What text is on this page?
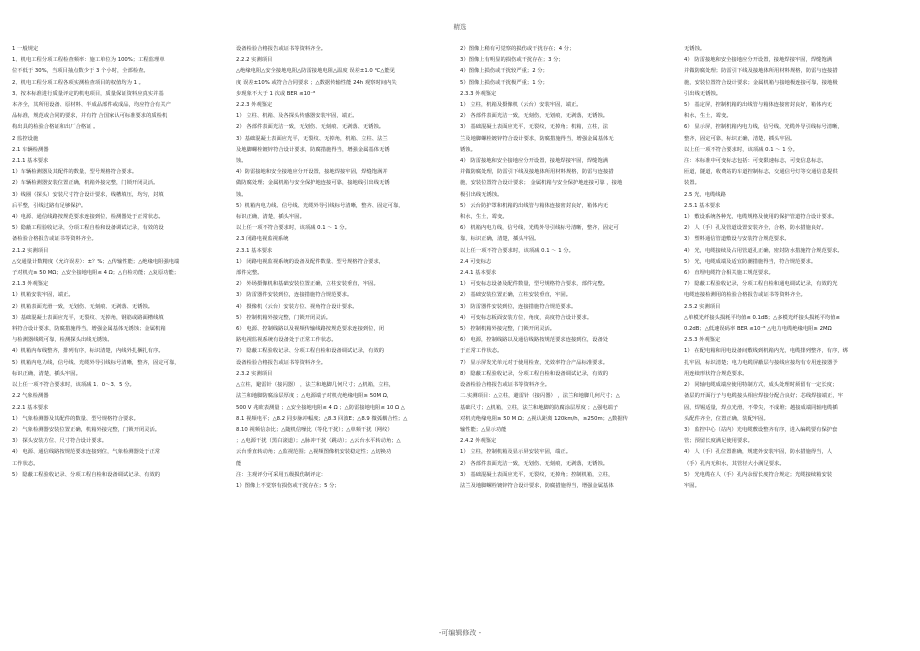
精选

1 一般规定

1、机电工程分项工程检查频率：施工单位为 100%；工程监理单

位不低于 30%，当项目抽点数少于 3 个小时，全部检查。

2、机电工程分项工程各项实测检查项目的权值均为 1 。

3、按本标准进行质量评定的机电项目，质量保证资料应真实并基

本齐全，其所用设备、原材料、半成品部件或成品，均应符合有关产

品标准，规范或合同的要求，并有符 合国家认可标准要求的质检机

构出具的检验合格证和出厂合格证 。

2 监控设施

2.1 车辆检测器

2.1.1 基本要求

1）车辆检测器及其配件的数量，型号规格符合要求。

2）车辆检测器安装位置正确，机箱外接完整，门锁开闭灵活。

3）线圈（探头）安装尺寸符合设计要求，线槽填压，均匀，封填

后平整，引线过路有足够保护。

4）电源、通信线路按规范要求连接到位，检测器处于正常状态。

5）隐蔽工程验收记录，分项工程自检和设备调试记录，有效的设

备检验合格报告或证书等资料齐全。

2.1.2 实测项目

△交通量计数精度（允许误差）：±？%；△传输性能；△绝缘电阻强电端

子对机壳≥ 50 MΩ；△安全接地电阻≤ 4 Ω；△自检功能；△复原功能；

2.1.3 外观鉴定

1）机箱安装牢固，端正。

2）机箱表面光滑一致，无划伤、无刻痕、无剥落、无锈蚀。

3）基础混凝土表面应光平，无裂纹、无掉角，钢筋或路面槽线填

料符合设计要求，防腐措施得当，增强金属基体无锈蚀；金属机箱

与检测器线缆可靠，检测探头出线无锈蚀。

4）机箱内布线整齐，排列有序，标识清楚，内线外扎捆扎有序。

5）机箱内电力线，信号线、光缆外导引线标号清晰，整齐，固定可靠，

标识正确，清楚，插头牢固。

以上任一项不符合要求时，该项减 1．0～3．5 分。

2.2 气象检测器

2.2.1 基本要求

1） 气象检测器及其配件的数量、型号规格符合要求。

2） 气象检测器安装位置正确，机箱外接完整，门锁开闭灵活。

3） 探头安装方位、尺寸符合设计要求。

4） 电源、通信线路按规范要求连接到位，气象检测器处于正常

工作状态。

5） 隐蔽工程验收记录、分项工程自检和设备调试记录、有效的

设备检验合格报告或证书等资料齐全。

2.2.2 实测项目

△绝缘电阻△安全接地电阻△防雷接地电阻△温度 误差±1.0 ℃△能见

度 误差±10% 或符合合同要求 ；△数据传输性能 24h 观察时间内失

步现象不大于 1 次或 BER ≤10⁻⁸

2.2.3 外观鉴定

1） 立柱、机箱、及各探头传感器安装牢固，端正。

2） 各部件表面光洁一致，无划伤、无刻痕、无剥落、无锈蚀。

3）基础混凝土表面应光平，无裂纹、无掉角，机箱、立柱、法兰

及地脚螺栓镀锌符合设计要求，防腐措施得当，增强金属基体无锈

蚀。

4）防雷接地和安全接地应分开设置，接地焊接牢固，焊缝饱满并

做防腐处理；金属机箱与安全保护地连接可靠，接地线引出线无锈

蚀。

5）机箱内电力线、信号线、光缆外导引线标号清晰，整齐、固定可靠，

标识正确，清楚，插头牢固。

以上任一项不符合要求时，该项减 0.1 ～ 1 分。

2.3 闭路电视监视系统

2.3.1 基本要求

1） 闭路电视监视系统的设备及配件数量、型号规格符合要求，

部件完整。

2） 外场摄像机和基础安装位置正确，立柱安装垂直，牢固。

3） 防雷器件安装到位，连接措施符合规范要求。

4） 摄像机（云台）安装方位、视角符合设计要求。

5） 控制机箱外接完整，门锁开闭灵活。

6） 电源、控制线路以及视频传输线路按规范要求连接到位，闭

路电视监视系统有设备处于正常工作状态。

7） 隐蔽工程验收记录、分项工程自检和设备调试记录，有效的

设备检验合格报告或证书等资料齐全。

2.3.2 实测项目

△立柱，避雷针（接闪器） ，法兰和地脚几何尺寸；△机箱，立柱，

法兰和地脚防腐涂层厚度 ；△电源端子对机壳绝缘电阻≥ 50M Ω，

500 V 兆欧表测量 ；△安全接地电阻≤ 4 Ω ；△防雷接地电阻≤ 10 Ω △

8.1 视频电平；△8.2 同步脉冲幅度；△8.3 回波E；△8.9 微弧耦合性；△

8.10 视频信杂比；△随机信噪比（等化干扰）；△单频干扰（网纹）

；△电源干扰（黑白滚道）；△脉冲干扰（跳动）；△云台水平转动角；△

云台垂直转动角；△监视范围；△视频图像机安装稳定性；△切换功

能

注：主观评分可采用五级损伤制评定：

1）图像上不觉察有损伤或干扰存在；5 分；

2）图像上稍有可觉察的损伤或干扰存在；4 分；

3）图像上有明显的损伤或干扰存在；3 分；

4）图像上损伤或干扰较严重；2 分；

5）图像上损伤或干扰极严重；1 分；

2.3.3 外观鉴定

1） 立柱，机箱及摄像机（云台）安装牢固，端正。

2） 各部件表面光洁一致，无刻伤，无划痕，无剥落，无锈蚀。

3） 基础混凝土表面应光平，无裂纹，无掉角；机箱，立柱，法

兰及地脚螺栓镀锌符合设计要求，防腐措施得当，增强金属基体无

锈蚀。

4） 防雷接地和安全接地应分开设置，接地焊接牢固，焊缝饱满

并做防腐处理，防雷引下线及接地体所用材料规格，防雷与连接措

施，安装位置符合设计要求； 金属机箱与安全保护地连接可靠 ，接地

极引出线无锈蚀。

5） 云台防护罩和机箱的出线管与箱体连接密封良好，箱体内无

积水，生土，霉变。

6） 机箱内电力线，信号线，光缆外导引线标号清晰，整齐，固定可

靠，标识正确，清楚，插头牢固。

以上任一项不符合要求时，该项减 0.1 ～ 1 分。

2.4 可变标志

2.4.1 基本要求

1） 可变标志设备及配件数量，型号规格符合要求，部件完整。

2） 基础安装位置正确，立柱安装垂直，牢固。

3） 防雷器件安装到位，连接措施符合规范要求。

4） 可变标志板面安装方位，角度，高度符合设计要求。

5） 控制机箱外接完整，门锁开闭灵活。

6） 电源，控制线路以及通信线路按规范要求连接到位，设备处

于正常工作状态。

7） 显示屏发光单元对于使用检查，光效率符合产品标准要求。

8） 隐蔽工程验收记录，分项工程自检和设备调试记录，有效的

设备检验合格报告或证书等资料齐全。

二.实测项目：△立柱，避雷针（接闪器） ，法兰和地脚几何尺寸；△

基础尺寸；△机箱，立柱，法兰和地脚的防腐涂层厚度 ；△强电端子

对机壳绝缘电阻≥ 50 M Ω；△视认距离 120km/h，≥250m；△数据传

输性能；△显示功能

2.4.2 外观鉴定

1） 立柱，控制机箱及显示屏安装牢固，端正。

2） 各部件表面光洁一致，无划伤、无刻痕，无剥落，无锈蚀。

3） 基础混凝土表面应光平，无裂纹，无掉角；控制机箱，立柱，

法兰及地脚螺栓镀锌符合设计要求，防腐措施得当，增强金属基体

无锈蚀。

4） 防雷接地和安全接地应分开设置，接地焊接牢固，焊缝饱满

并做防腐处理；防雷引下线及接地体所用材料规格，防雷与连接措

施，安装位置符合设计要求；金属机箱与接地极连接可靠，接地极

引出线无锈蚀。

5） 基定屏，控制机箱的出线管与箱体连接密封良好，箱体内无

积水，生土，霉变。

6） 显示屏，控制机箱内电力线，信号线，光缆外导引线标号清晰，

整齐，固定可靠，标识正确，清楚，插头牢固。

以上任一项不符合要求时，该项减 0.1 ～ 1 分。

注：本标准中可变标志包括：可变限速标志，可变信息标志，

匝道，隧道，收费站的车道控制标志，交通信号灯等交通信息提供

装置。

2.5 光，电缆线路

2.5.1 基本要求

1） 敷设系统各种光，电缆规格及使用的保护管道符合设计要求。

2） 人（手）孔及管道设置安装齐全，合格，防水措施良好。

3） 塑料通信管道敷设与安装符合规范要求。

4） 光，电缆接续及占用管道孔正确，密封防水措施符合规范要求。

5） 光，电缆成端及适宜防潮措施得当，符合规范要求。

6） 直埋电缆符合相关施工规范要求。

7） 隐蔽工程验收记录，分项工程自检和通电调试记录，有效的光

电缆连接检测用的检验合格报告或证书等资料齐全。

2.5.2 实测项目

△单模光纤接头损耗平均值≤ 0.1dB；△多模光纤接头损耗平均值≤

0.2dB；△低速误码率 BER ≤10⁻⁸ △电力电缆绝缘电阻≥ 2MΩ

2.5.3 外观鉴定

1） 在配电箱和用电设备间敷线到机箱内光，电缆排列整齐，有序，绑

扎牢固，标识清楚；电力电缆屏蔽层与接线应接均有专用连接器予

用连续形状符合规范要求。

2） 同轴电缆成端应使用特制方式，成头处理时须留有一定长度；

备层的开面行子与电缆接头相应焊接分配合良好；芯线焊接端正，牢

固，焊锡适量，焊点光滑，不带尖，不成堆；越接成端同轴电缆插

头配件齐全，位置正确，装配牢固。

3） 监控中心（站内）光电缆敷设整齐有序，进入编缆要有保护套

管；预留长度满足使用要求。

4） 人（手）孔位置准确，规建外安装牢固，防水措施得当，人

（手）孔内无积水，其管径大小满足要求。

5） 光电缆在人（手）孔内余留长度符合规定；光缆接续箱安装

牢固。

-可编辑修改 -
